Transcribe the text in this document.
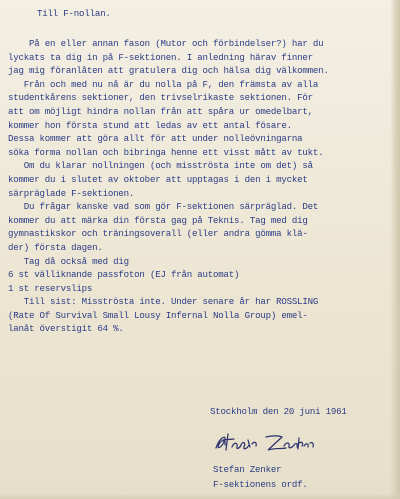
Till F-nollan.
På en eller annan fason (Mutor och förbindelser?) har du
lyckats ta dig in på F-sektionen. I anledning härav finner
jag mig föranlåten att gratulera dig och hälsa dig välkommen.
Från och med nu nå är du nolla på F, den främsta av alla
studentkårens sektioner, den trivselrikaste sektionen. För
att om möjligt hindra nollan från att spåra ur omedelbart,
kommer hon första stund att ledas av ett antal fösare.
Dessa kommer att göra allt för att under nolleövningarna
söka forma nollan och bibringa henne ett visst mått av tukt.
Om du klarar nollningen (och misströsta inte om det) så
kommer du i slutet av oktober att upptagas i den i mycket
särpräglade F-sektionen.
Du frågar kanske vad som gör F-sektionen särpräglad. Det
kommer du att märka din första gag på Teknis. Tag med dig
gymnastikskor och träningsoverall (eller andra gömma klä-
der) första dagen.
Tag då också med dig
6 st välliknande passfoton (EJ från automat)
1 st reservslips
Till sist: Misströsta inte. Under senare år har ROSSLING
(Rate Of Survival Small Lousy Infernal Nolla Group) emel-
lanåt överstigit 64 %.
Stockholm den 20 juni 1961
Stefan Zenker
F-sektionens ordf.
